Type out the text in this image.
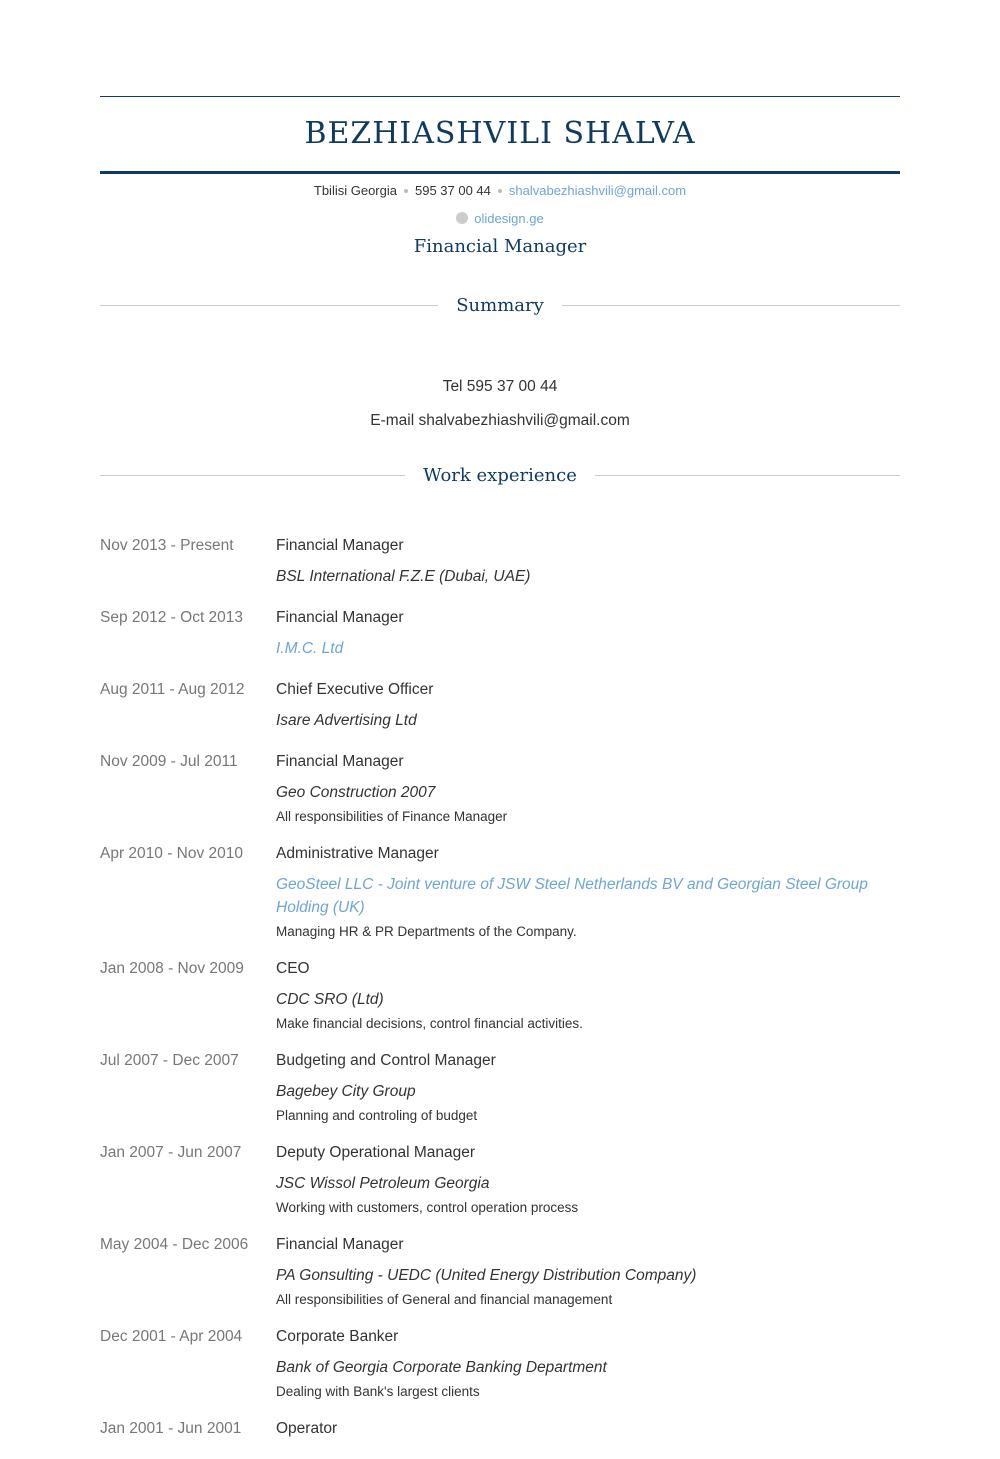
BEZHIASHVILI SHALVA
Tbilisi Georgia 595 37 00 44 shalvabezhiashvili@gmail.com
olidesign.ge
Financial Manager
Summary
Tel 595 37 00 44
E-mail shalvabezhiashvili@gmail.com
Work experience
Nov 2013 - Present	Financial Manager
BSL International F.Z.E (Dubai, UAE)
Sep 2012 - Oct 2013	Financial Manager
I.M.C. Ltd
Aug 2011 - Aug 2012	Chief Executive Officer
Isare Advertising Ltd
Nov 2009 - Jul 2011	Financial Manager
Geo Construction 2007
All responsibilities of Finance Manager
Apr 2010 - Nov 2010	Administrative Manager
GeoSteel LLC - Joint venture of JSW Steel Netherlands BV and Georgian Steel Group Holding (UK)
Managing HR & PR Departments of the Company.
Jan 2008 - Nov 2009	CEO
CDC SRO (Ltd)
Make financial decisions, control financial activities.
Jul 2007 - Dec 2007	Budgeting and Control Manager
Bagebey City Group
Planning and controling of budget
Jan 2007 - Jun 2007	Deputy Operational Manager
JSC Wissol Petroleum Georgia
Working with customers, control operation process
May 2004 - Dec 2006	Financial Manager
PA Gonsulting - UEDC (United Energy Distribution Company)
All responsibilities of General and financial management
Dec 2001 - Apr 2004	Corporate Banker
Bank of Georgia Corporate Banking Department
Dealing with Bank's largest clients
Jan 2001 - Jun 2001	Operator
